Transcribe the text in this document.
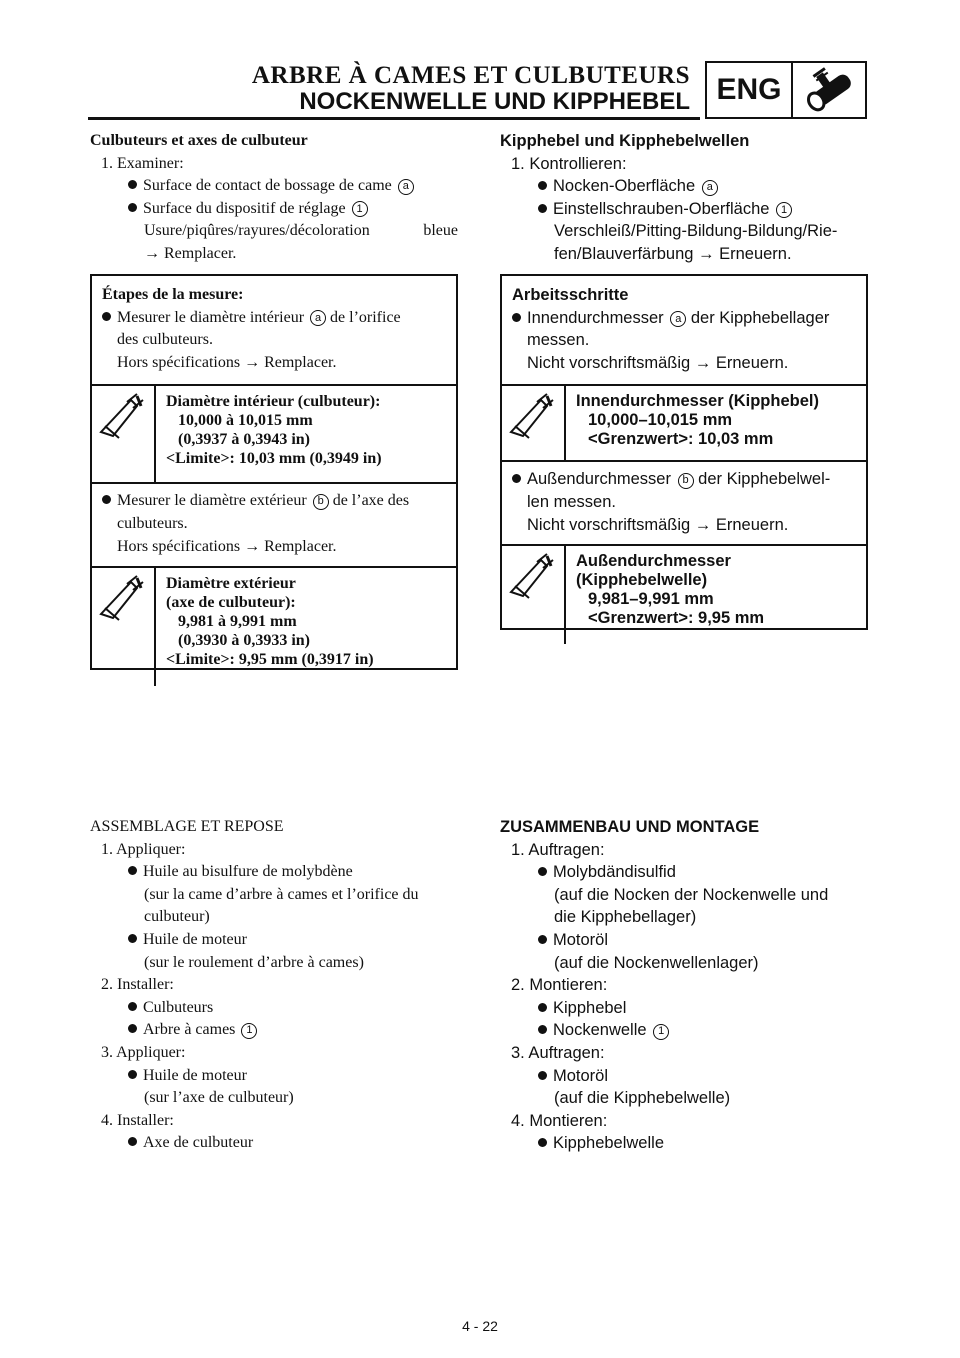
ARBRE À CAMES ET CULBUTEURS
NOCKENWELLE UND KIPPHEBEL ENG
Culbuteurs et axes de culbuteur
1. Examiner:
Surface de contact de bossage de came a
Surface du dispositif de réglage 1
Usure/piqûres/rayures/décoloration bleue
→ Remplacer.
Étapes de la mesure:
Mesurer le diamètre intérieur a de l’orifice
des culbuteurs.
Hors spécifications → Remplacer.
Diamètre intérieur (culbuteur):
10,000 à 10,015 mm
(0,3937 à 0,3943 in)
<Limite>: 10,03 mm (0,3949 in)
Mesurer le diamètre extérieur b de l’axe des
culbuteurs.
Hors spécifications → Remplacer.
Diamètre extérieur
(axe de culbuteur):
9,981 à 9,991 mm
(0,3930 à 0,3933 in)
<Limite>: 9,95 mm (0,3917 in)
ASSEMBLAGE ET REPOSE
1. Appliquer:
Huile au bisulfure de molybdène
(sur la came d’arbre à cames et l’orifice du
culbuteur)
Huile de moteur
(sur le roulement d’arbre à cames)
2. Installer:
Culbuteurs
Arbre à cames 1
3. Appliquer:
Huile de moteur
(sur l’axe de culbuteur)
4. Installer:
Axe de culbuteur
Kipphebel und Kipphebelwellen
1. Kontrollieren:
Nocken-Oberfläche a
Einstellschrauben-Oberfläche 1
Verschleiß/Pitting-Bildung-Bildung/Rie-
fen/Blauverfärbung → Erneuern.
Arbeitsschritte
Innendurchmesser a der Kipphebellager
messen.
Nicht vorschriftsmäßig → Erneuern.
Innendurchmesser (Kipphebel)
10,000–10,015 mm
<Grenzwert>: 10,03 mm
Außendurchmesser b der Kipphebelwel-
len messen.
Nicht vorschriftsmäßig → Erneuern.
Außendurchmesser
(Kipphebelwelle)
9,981–9,991 mm
<Grenzwert>: 9,95 mm
ZUSAMMENBAU UND MONTAGE
1. Auftragen:
Molybdändisulfid
(auf die Nocken der Nockenwelle und
die Kipphebellager)
Motoröl
(auf die Nockenwellenlager)
2. Montieren:
Kipphebel
Nockenwelle 1
3. Auftragen:
Motoröl
(auf die Kipphebelwelle)
4. Montieren:
Kipphebelwelle
4 - 22
